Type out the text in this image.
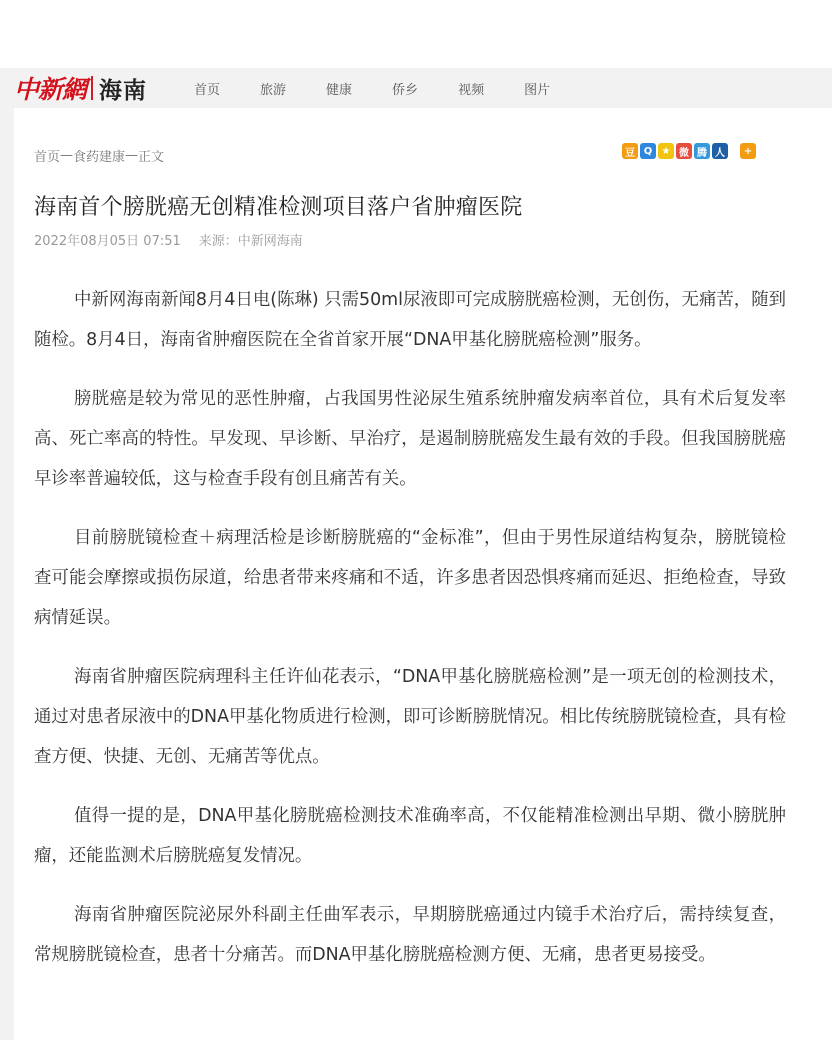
中新網 海南	首页	旅游	健康	侨乡	视频	图片
首页 — 食药建康 — 正文	豆 Q ★ 微 腾 人	+
海南首个膀胱癌无创精准检测项目落户省肿瘤医院
2022年08月05日 07:51 来源：中新网海南

中新网海南新闻8月4日电(陈琳) 只需50ml尿液即可完成膀胱癌检测，无创伤，无痛苦，随到随检。8月4日，海南省肿瘤医院在全省首家开展“DNA甲基化膀胱癌检测”服务。

膀胱癌是较为常见的恶性肿瘤，占我国男性泌尿生殖系统肿瘤发病率首位，具有术后复发率高、死亡率高的特性。早发现、早诊断、早治疗，是遏制膀胱癌发生最有效的手段。但我国膀胱癌早诊率普遍较低，这与检查手段有创且痛苦有关。

目前膀胱镜检查＋病理活检是诊断膀胱癌的“金标准”，但由于男性尿道结构复杂，膀胱镜检查可能会摩擦或损伤尿道，给患者带来疼痛和不适，许多患者因恐惧疼痛而延迟、拒绝检查，导致病情延误。

海南省肿瘤医院病理科主任许仙花表示，“DNA甲基化膀胱癌检测”是一项无创的检测技术，通过对患者尿液中的DNA甲基化物质进行检测，即可诊断膀胱情况。相比传统膀胱镜检查，具有检查方便、快捷、无创、无痛苦等优点。

值得一提的是，DNA甲基化膀胱癌检测技术准确率高，不仅能精准检测出早期、微小膀胱肿瘤，还能监测术后膀胱癌复发情况。

海南省肿瘤医院泌尿外科副主任曲军表示，早期膀胱癌通过内镜手术治疗后，需持续复查，常规膀胱镜检查，患者十分痛苦。而DNA甲基化膀胱癌检测方便、无痛，患者更易接受。
